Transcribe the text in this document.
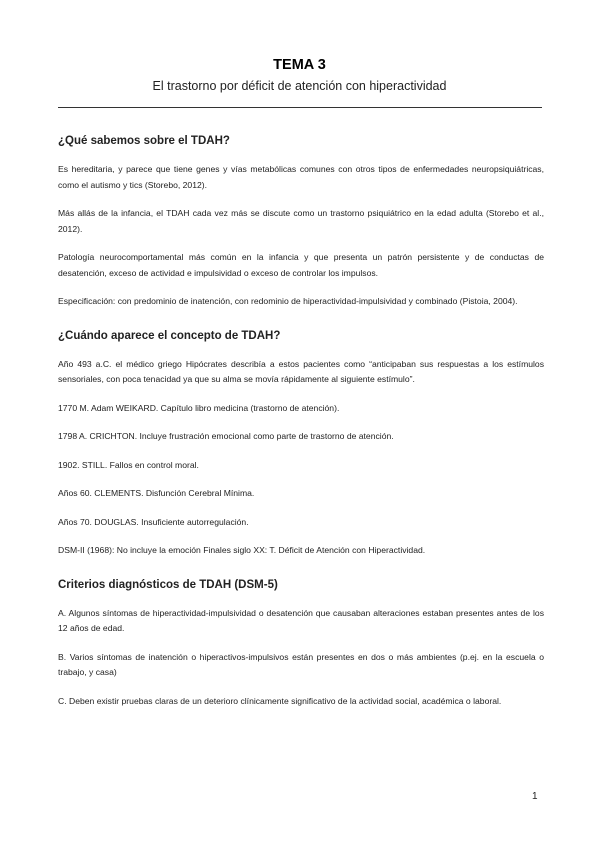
TEMA 3
El trastorno por déficit de atención con hiperactividad
¿Qué sabemos sobre el TDAH?

Es hereditaria, y parece que tiene genes y vías metabólicas comunes con otros tipos de enfermedades neuropsiquiátricas, como el autismo y tics (Storebo, 2012).

Más allás de la infancia, el TDAH cada vez más se discute como un trastorno psiquiátrico en la edad adulta (Storebo et al., 2012).

Patología neurocomportamental más común en la infancia y que presenta un patrón persistente y de conductas de desatención, exceso de actividad e impulsividad o exceso de controlar los impulsos.

Especificación: con predominio de inatención, con redominio de hiperactividad-impulsividad y combinado (Pistoia, 2004).

¿Cuándo aparece el concepto de TDAH?

Año 493 a.C. el médico griego Hipócrates describía a estos pacientes como “anticipaban sus respuestas a los estímulos sensoriales, con poca tenacidad ya que su alma se movía rápidamente al siguiente estímulo”.

1770 M. Adam WEIKARD. Capítulo libro medicina (trastorno de atención).

1798 A. CRICHTON. Incluye frustración emocional como parte de trastorno de atención.

1902. STILL. Fallos en control moral.

Años 60. CLEMENTS. Disfunción Cerebral Mínima.

Años 70. DOUGLAS. Insuficiente autorregulación.

DSM-II (1968): No incluye la emoción Finales siglo XX: T. Déficit de Atención con Hiperactividad.

Criterios diagnósticos de TDAH (DSM-5)

A. Algunos síntomas de hiperactividad-impulsividad o desatención que causaban alteraciones estaban presentes antes de los 12 años de edad.

B. Varios síntomas de inatención o hiperactivos-impulsivos están presentes en dos o más ambientes (p.ej. en la escuela o trabajo, y casa)

C. Deben existir pruebas claras de un deterioro clínicamente significativo de la actividad social, académica o laboral.

1
